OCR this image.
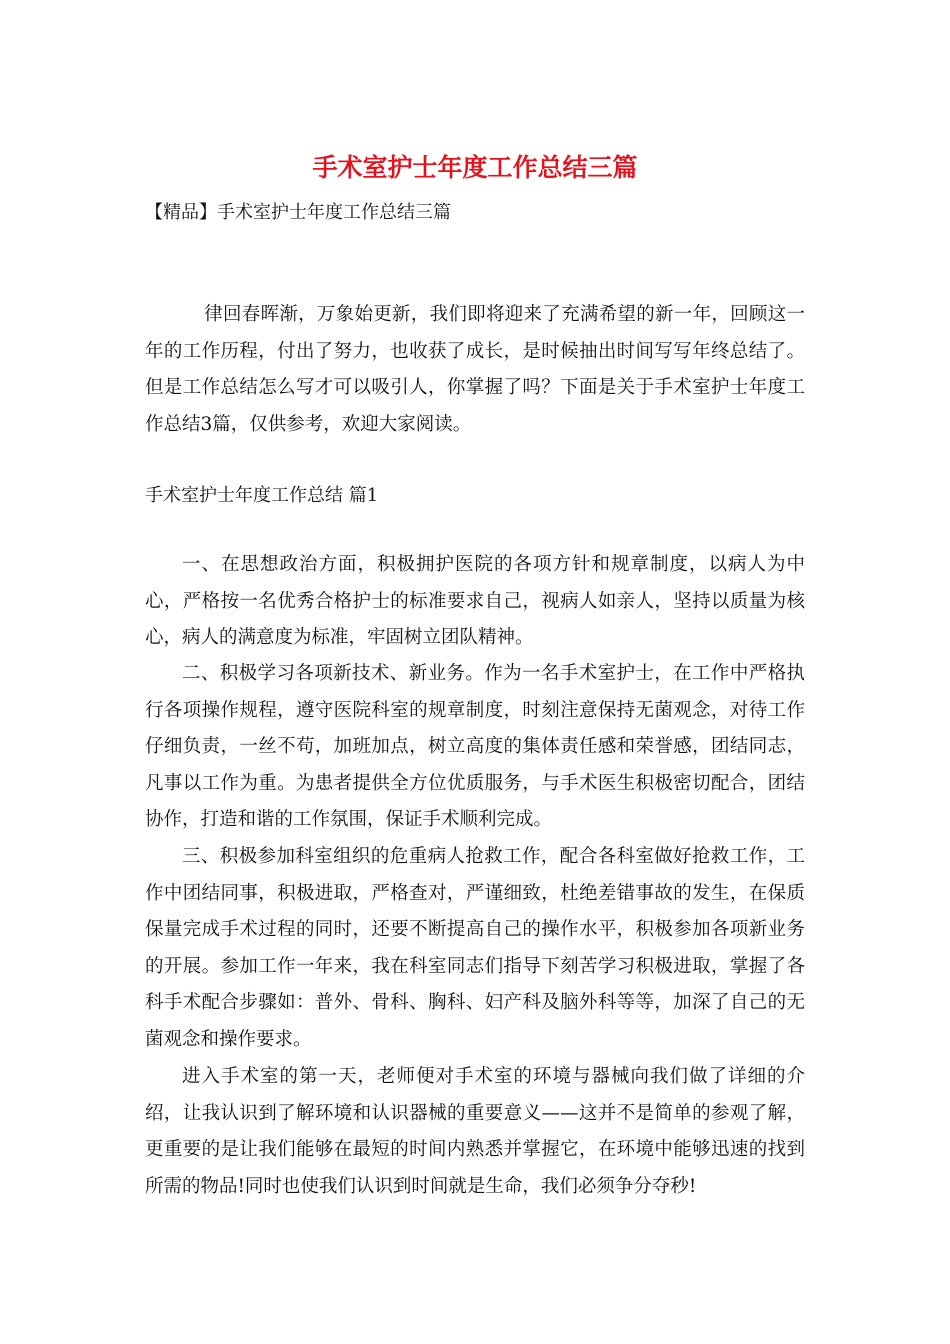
手术室护士年度工作总结三篇
【精品】手术室护士年度工作总结三篇

律回春晖渐，万象始更新，我们即将迎来了充满希望的新一年，回顾这一年的工作历程，付出了努力，也收获了成长，是时候抽出时间写写年终总结了。但是工作总结怎么写才可以吸引人，你掌握了吗？下面是关于手术室护士年度工作总结3篇，仅供参考，欢迎大家阅读。

手术室护士年度工作总结 篇1

一、在思想政治方面，积极拥护医院的各项方针和规章制度，以病人为中心，严格按一名优秀合格护士的标准要求自己，视病人如亲人，坚持以质量为核心，病人的满意度为标准，牢固树立团队精神。

二、积极学习各项新技术、新业务。作为一名手术室护士，在工作中严格执行各项操作规程，遵守医院科室的规章制度，时刻注意保持无菌观念，对待工作仔细负责，一丝不苟，加班加点，树立高度的集体责任感和荣誉感，团结同志，凡事以工作为重。为患者提供全方位优质服务，与手术医生积极密切配合，团结协作，打造和谐的工作氛围，保证手术顺利完成。

三、积极参加科室组织的危重病人抢救工作，配合各科室做好抢救工作，工作中团结同事，积极进取，严格查对，严谨细致，杜绝差错事故的发生，在保质保量完成手术过程的同时，还要不断提高自己的操作水平，积极参加各项新业务的开展。参加工作一年来，我在科室同志们指导下刻苦学习积极进取，掌握了各科手术配合步骤如：普外、骨科、胸科、妇产科及脑外科等等，加深了自己的无菌观念和操作要求。

进入手术室的第一天，老师便对手术室的环境与器械向我们做了详细的介绍，让我认识到了解环境和认识器械的重要意义——这并不是简单的参观了解，更重要的是让我们能够在最短的时间内熟悉并掌握它，在环境中能够迅速的找到所需的物品!同时也使我们认识到时间就是生命，我们必须争分夺秒!
